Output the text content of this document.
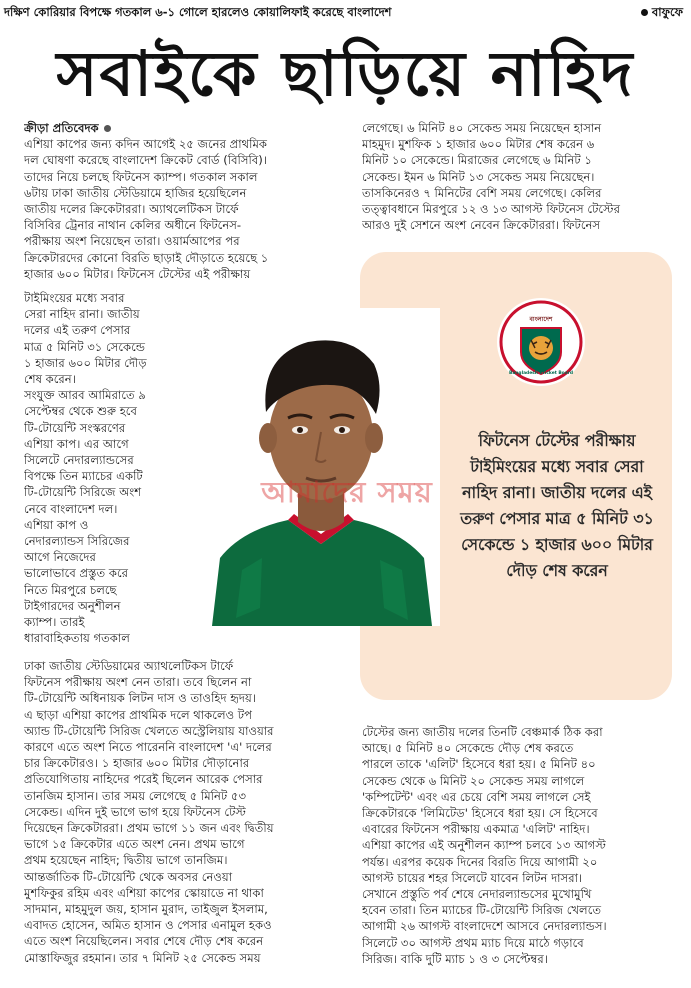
দক্ষিণ কোরিয়ার বিপক্ষে গতকাল ৬-১ গোলে হারলেও কোয়ালিফাই করেছে বাংলাদেশ	বাফুফে
সবাইকে ছাড়িয়ে নাহিদ
ক্রীড়া প্রতিবেদক
এশিয়া কাপের জন্য কদিন আগেই ২৫ জনের প্রাথমিক
দল ঘোষণা করেছে বাংলাদেশ ক্রিকেট বোর্ড (বিসিবি)।
তাদের নিয়ে চলছে ফিটনেস ক্যাম্প। গতকাল সকাল
৬টায় ঢাকা জাতীয় স্টেডিয়ামে হাজির হয়েছিলেন
জাতীয় দলের ক্রিকেটাররা। অ্যাথলেটিকস টার্ফে
বিসিবির ট্রেনার নাথান কেলির অধীনে ফিটনেস-
পরীক্ষায় অংশ নিয়েছেন তারা। ওয়ার্মআপের পর
ক্রিকেটারদের কোনো বিরতি ছাড়াই দৌড়াতে হয়েছে ১
হাজার ৬০০ মিটার। ফিটনেস টেস্টের এই পরীক্ষায়
টাইমিংয়ের মধ্যে সবার
সেরা নাহিদ রানা। জাতীয়
দলের এই তরুণ পেসার
মাত্র ৫ মিনিট ৩১ সেকেন্ডে
১ হাজার ৬০০ মিটার দৌড়
শেষ করেন।
সংযুক্ত আরব আমিরাতে ৯
সেপ্টেম্বর থেকে শুরু হবে
টি-টোয়েন্টি সংস্করণের
এশিয়া কাপ। এর আগে
সিলেটে নেদারল্যান্ডসের
বিপক্ষে তিন ম্যাচের একটি
টি-টোয়েন্টি সিরিজে অংশ
নেবে বাংলাদেশ দল।
এশিয়া কাপ ও
নেদারল্যান্ডস সিরিজের
আগে নিজেদের
ভালোভাবে প্রস্তুত করে
নিতে মিরপুরে চলছে
টাইগারদের অনুশীলন
ক্যাম্প। তারই
ধারাবাহিকতায় গতকাল
ঢাকা জাতীয় স্টেডিয়ামের অ্যাথলেটিকস টার্ফে
ফিটনেস পরীক্ষায় অংশ নেন তারা। তবে ছিলেন না
টি-টোয়েন্টি অধিনায়ক লিটন দাস ও তাওহিদ হৃদয়।
এ ছাড়া এশিয়া কাপের প্রাথমিক দলে থাকলেও টপ
অ্যান্ড টি-টোয়েন্টি সিরিজ খেলতে অস্ট্রেলিয়ায় যাওয়ার
কারণে এতে অংশ নিতে পারেননি বাংলাদেশ 'এ' দলের
চার ক্রিকেটারও। ১ হাজার ৬০০ মিটার দৌড়ানোর
প্রতিযোগিতায় নাহিদের পরেই ছিলেন আরেক পেসার
তানজিম হাসান। তার সময় লেগেছে ৫ মিনিট ৫৩
সেকেন্ড। এদিন দুই ভাগে ভাগ হয়ে ফিটনেস টেস্ট
দিয়েছেন ক্রিকেটাররা। প্রথম ভাগে ১১ জন এবং দ্বিতীয়
ভাগে ১৫ ক্রিকেটার এতে অংশ নেন। প্রথম ভাগে
প্রথম হয়েছেন নাহিদ; দ্বিতীয় ভাগে তানজিম।
আন্তর্জাতিক টি-টোয়েন্টি থেকে অবসর নেওয়া
মুশফিকুর রহিম এবং এশিয়া কাপের স্কোয়াডে না থাকা
সাদমান, মাহমুদুল জয়, হাসান মুরাদ, তাইজুল ইসলাম,
এবাদত হোসেন, অমিত হাসান ও পেসার এনামুল হকও
এতে অংশ নিয়েছিলেন। সবার শেষে দৌড় শেষ করেন
মোস্তাফিজুর রহমান। তার ৭ মিনিট ২৫ সেকেন্ড সময়
লেগেছে। ৬ মিনিট ৪০ সেকেন্ড সময় নিয়েছেন হাসান
মাহমুদ। মুশফিক ১ হাজার ৬০০ মিটার শেষ করেন ৬
মিনিট ১০ সেকেন্ডে। মিরাজের লেগেছে ৬ মিনিট ১
সেকেন্ড। ইমন ৬ মিনিট ১৩ সেকেন্ড সময় নিয়েছেন।
তাসকিনেরও ৭ মিনিটের বেশি সময় লেগেছে। কেলির
তত্ত্বাবধানে মিরপুরে ১২ ও ১৩ আগস্ট ফিটনেস টেস্টের
আরও দুই সেশনে অংশ নেবেন ক্রিকেটাররা। ফিটনেস
টেস্টের জন্য জাতীয় দলের তিনটি বেঞ্চমার্ক ঠিক করা
আছে। ৫ মিনিট ৪০ সেকেন্ডে দৌড় শেষ করতে
পারলে তাকে 'এলিট' হিসেবে ধরা হয়। ৫ মিনিট ৪০
সেকেন্ড থেকে ৬ মিনিট ২০ সেকেন্ড সময় লাগলে
'কম্পিটেন্ট' এবং এর চেয়ে বেশি সময় লাগলে সেই
ক্রিকেটারকে 'লিমিটেড' হিসেবে ধরা হয়। সে হিসেবে
এবারের ফিটনেস পরীক্ষায় একমাত্র 'এলিট' নাহিদ।
এশিয়া কাপের এই অনুশীলন ক্যাম্প চলবে ১৩ আগস্ট
পর্যন্ত। এরপর কয়েক দিনের বিরতি দিয়ে আগামী ২০
আগস্ট চায়ের শহর সিলেটে যাবেন লিটন দাসরা।
সেখানে প্রস্তুতি পর্ব শেষে নেদারল্যান্ডসের মুখোমুখি
হবেন তারা। তিন ম্যাচের টি-টোয়েন্টি সিরিজ খেলতে
আগামী ২৬ আগস্ট বাংলাদেশে আসবে নেদারল্যান্ডস।
সিলেটে ৩০ আগস্ট প্রথম ম্যাচ দিয়ে মাঠে গড়াবে
সিরিজ। বাকি দুটি ম্যাচ ১ ও ৩ সেপ্টেম্বর।
বাংলাদেশ
Bangladesh Cricket Board
ফিটনেস টেস্টের পরীক্ষায় টাইমিংয়ের মধ্যে সবার সেরা নাহিদ রানা। জাতীয় দলের এই তরুণ পেসার মাত্র ৫ মিনিট ৩১ সেকেন্ডে ১ হাজার ৬০০ মিটার দৌড় শেষ করেন
আমাদের সময়
